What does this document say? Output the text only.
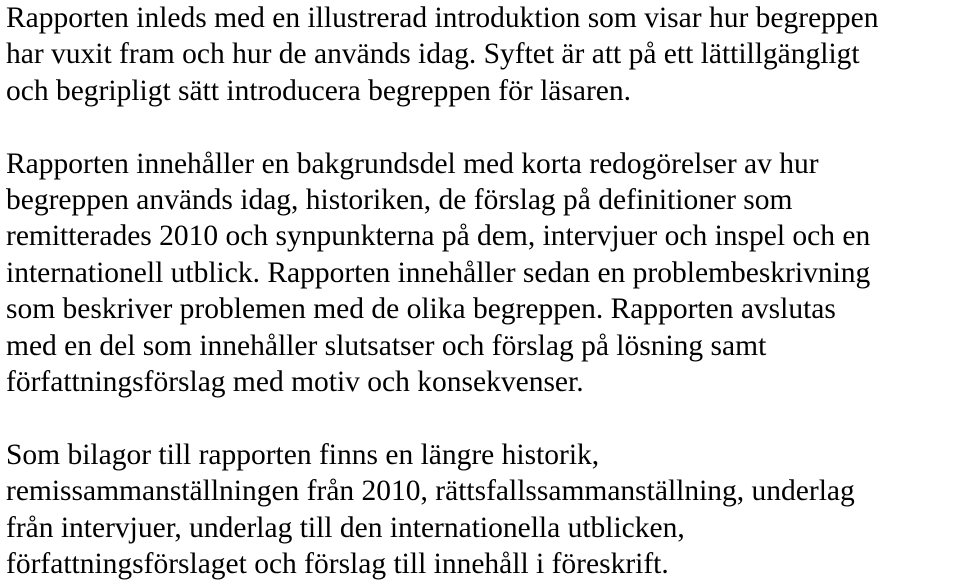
Rapporten inleds med en illustrerad introduktion som visar hur begreppen
har vuxit fram och hur de används idag. Syftet är att på ett lättillgängligt
och begripligt sätt introducera begreppen för läsaren.

Rapporten innehåller en bakgrundsdel med korta redogörelser av hur
begreppen används idag, historiken, de förslag på definitioner som
remitterades 2010 och synpunkterna på dem, intervjuer och inspel och en
internationell utblick. Rapporten innehåller sedan en problembeskrivning
som beskriver problemen med de olika begreppen. Rapporten avslutas
med en del som innehåller slutsatser och förslag på lösning samt
författningsförslag med motiv och konsekvenser.

Som bilagor till rapporten finns en längre historik,
remissammanställningen från 2010, rättsfallssammanställning, underlag
från intervjuer, underlag till den internationella utblicken,
författningsförslaget och förslag till innehåll i föreskrift.
